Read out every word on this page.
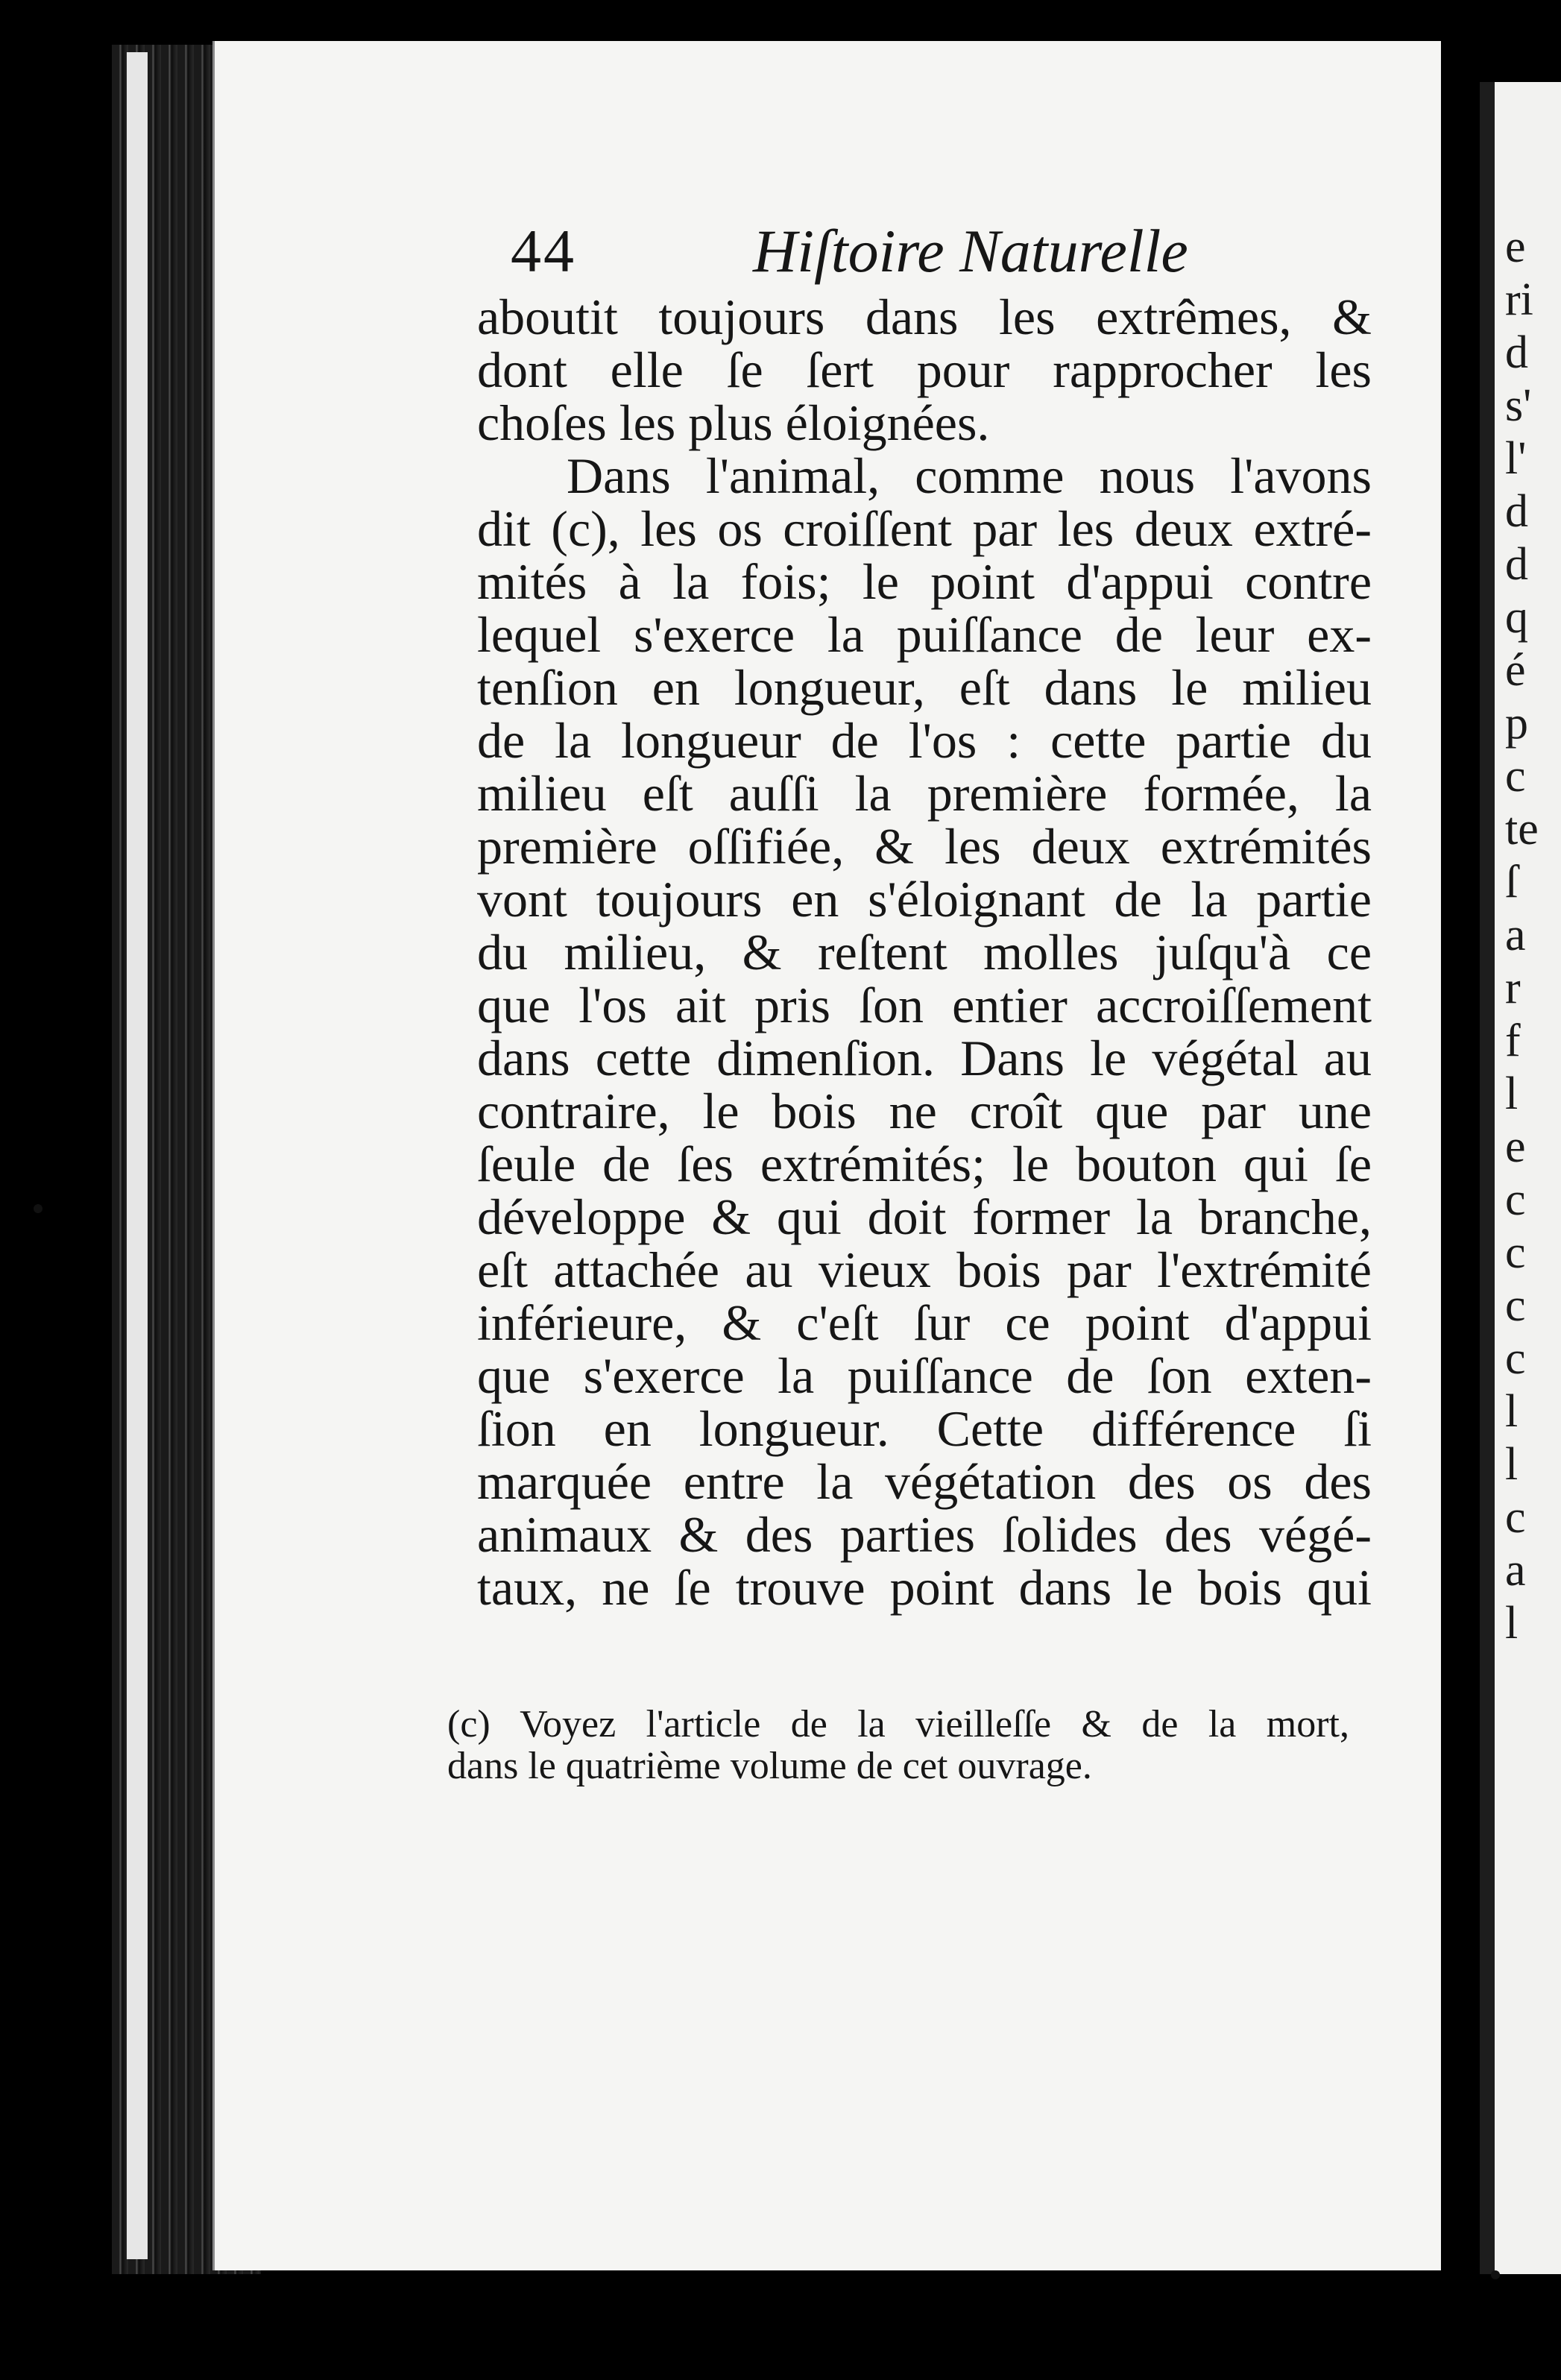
e
ri
d
s'
l'
d
d
q
é
p
c
te
ſ
a
r
f
l
e
c
c
c
c
l
l
c
a
l
44	Hiſtoire Naturelle
aboutit toujours dans les extrêmes, &
dont elle ſe ſert pour rapprocher les
choſes les plus éloignées.
Dans l'animal, comme nous l'avons
dit (c), les os croiſſent par les deux extré-
mités à la fois; le point d'appui contre
lequel s'exerce la puiſſance de leur ex-
tenſion en longueur, eſt dans le milieu
de la longueur de l'os : cette partie du
milieu eſt auſſi la première formée, la
première oſſifiée, & les deux extrémités
vont toujours en s'éloignant de la partie
du milieu, & reſtent molles juſqu'à ce
que l'os ait pris ſon entier accroiſſement
dans cette dimenſion. Dans le végétal au
contraire, le bois ne croît que par une
ſeule de ſes extrémités; le bouton qui ſe
développe & qui doit former la branche,
eſt attachée au vieux bois par l'extrémité
inférieure, & c'eſt ſur ce point d'appui
que s'exerce la puiſſance de ſon exten-
ſion en longueur. Cette différence ſi
marquée entre la végétation des os des
animaux & des parties ſolides des végé-
taux, ne ſe trouve point dans le bois qui
(c) Voyez l'article de la vieilleſſe & de la mort,
dans le quatrième volume de cet ouvrage.
